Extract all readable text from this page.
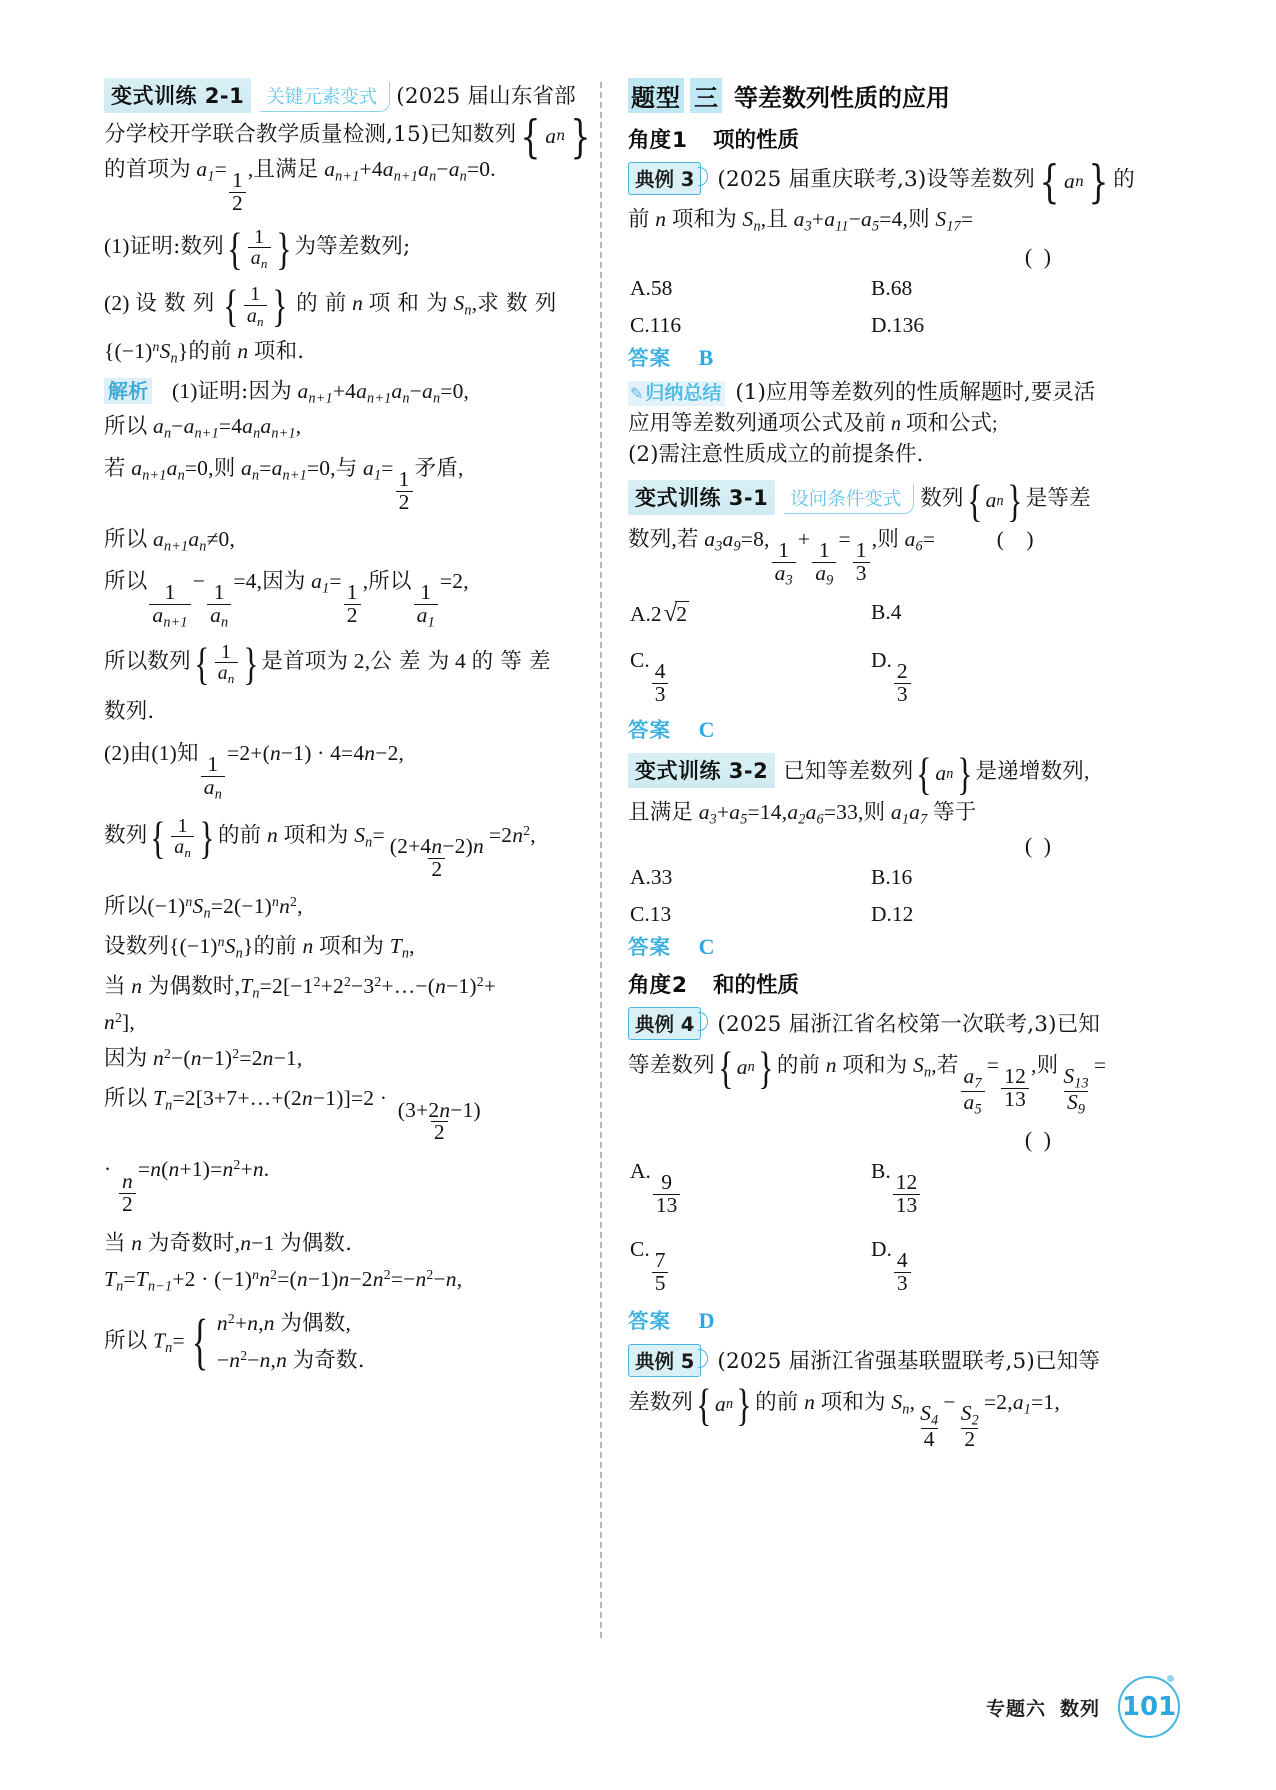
变式训练 2-1	关键元素变式 (2025 届山东省部

分学校开学联合教学质量检测,15)已知数列 { a n }

的首项为 $a_1=$
$\frac{1}{2}$
,且满足 $a_{n+1}+4a_{n+1}a_n-a_n=0$.

(1)证明:数列 { $\frac{1}{a_n}$ } 为等差数列;

(2) 设 数 列 { $\frac{1}{a_n}$ } 的 前 n 项 和 为 $S_n$,求 数 列

$\{(-1)^nS_n\}$的前 n 项和.

解析 (1)证明:因为 $a_{n+1}+4a_{n+1}a_n-a_n=0$,

所以 $a_n-a_{n+1}=4a_na_{n+1}$,

若 $a_{n+1}a_n=0$,则 $a_n=a_{n+1}=0$,与 $a_1=$
$\frac{1}{2}$
矛盾,

所以 $a_{n+1}a_n\ne 0$,

所以
$\frac{1}{a_{n+1}}$
−
$\frac{1}{a_n}$
=4,因为 $a_1=$
$\frac{1}{2}$
,所以
$\frac{1}{a_1}$
=2,

所以数列 { $\frac{1}{a_n}$ } 是首项为 2,公 差 为 4 的 等 差

数列.

(2)由(1)知
$\frac{1}{a_n}$
=2+(n−1) · 4=4n−2,

数列 { $\frac{1}{a_n}$ } 的前 n 项和为 $S_n=$
$\frac{(2+4n-2)n}{2}$
$=2n^2$,

所以$(-1)^nS_n=2(-1)^nn^2$,

设数列$\{(-1)^nS_n\}$的前 n 项和为 $T_n$,

当 n 为偶数时$,T_n=2[-1^2+2^2-3^2+\dots-(n-1)^2+$

$n^2$],

因为 $n^2-(n-1)^2=2n-1$,

所以 $T_n=2[3+7+\dots+(2n-1)]=2$ ·
$\frac{(3+2n-1)}{2}$

·
$\frac{n}{2}$
$=n(n+1)=n^2+n$.

当 n 为奇数时,n−1 为偶数.

$T_n=T_{n-1}+2 \cdot (-1)^nn^2=(n-1)n-2n^2=-n^2-n$,

所以 $T_n=$ { $n^2+n,n$ 为偶数,
$-n^2-n,n$ 为奇数.

题型 三 等差数列性质的应用
角度1 项的性质
典例 3	(2025 届重庆联考,3)设等差数列 { a n } 的

前 n 项和为 $S_n$,且 $a_3+a_{11}-a_5=4$,则 $S_{17}=$

( )
A.58	B.68
C.116	D.136
答案 B

✎ 归纳总结 (1)应用等差数列的性质解题时,要灵活

应用等差数列通项公式及前 n 项和公式;

(2)需注意性质成立的前提条件.

变式训练 3-1	设问条件变式 数列 { a n } 是等差

数列,若 $a_3a_9=8$,
$\frac{1}{a_3}$
+
$\frac{1}{a_9}$
=
$\frac{1}{3}$
,则 $a_6=$	(    )

A.2√2	B.4
C.
$\frac{4}{3}$
D.
$\frac{2}{3}$
答案 C
变式训练 3-2 已知等差数列 { a n } 是递增数列,

且满足 $a_3+a_5=14,a_2a_6=33$,则 $a_1a_7$ 等于

( )
A.33	B.16
C.13	D.12
答案 C
角度2 和的性质
典例 4	(2025 届浙江省名校第一次联考,3)已知

等差数列 { a n } 的前 n 项和为 $S_n$,若
$\frac{a_7}{a_5}$
=
$\frac{12}{13}$
,则
$\frac{S_{13}}{S_9}$
=

( )
A.
$\frac{9}{13}$
B.
$\frac{12}{13}$
C.
$\frac{7}{5}$
D.
$\frac{4}{3}$
答案 D
典例 5	(2025 届浙江省强基联盟联考,5)已知等

差数列 { a n } 的前 n 项和为 $S_n$,
$\frac{S_4}{4}$
−
$\frac{S_2}{2}$
$=2,a_1=1$,

专题六 数列 101
